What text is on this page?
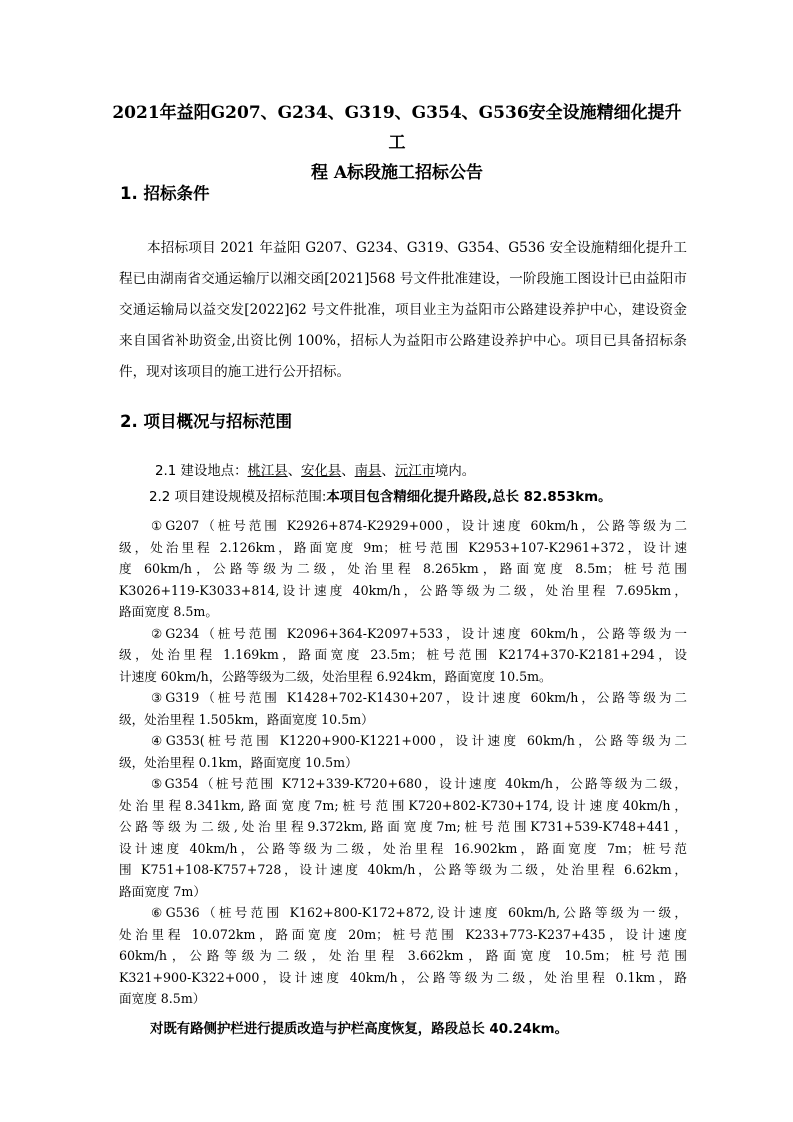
2021年益阳G207、G234、G319、G354、G536安全设施精细化提升工
程 A标段施工招标公告
1. 招标条件
本招标项目 2021 年益阳 G207、G234、G319、G354、G536 安全设施精细化提升工程已由湖南省交通运输厅以湘交函[2021]568 号文件批准建设，一阶段施工图设计已由益阳市交通运输局以益交发[2022]62 号文件批准，项目业主为益阳市公路建设养护中心，建设资金来自国省补助资金,出资比例 100%，招标人为益阳市公路建设养护中心。项目已具备招标条件，现对该项目的施工进行公开招标。
2. 项目概况与招标范围
2.1 建设地点：桃江县、安化县、南县、沅江市境内。
2.2 项目建设规模及招标范围:本项目包含精细化提升路段,总长 82.853km。
①G207（桩号范围 K2926+874-K2929+000，设计速度 60km/h，公路等级为二
级，处治里程 2.126km，路面宽度 9m；桩号范围 K2953+107-K2961+372，设计速
度 60km/h，公路等级为二级，处治里程 8.265km，路面宽度 8.5m；桩号范围
K3026+119-K3033+814,设计速度 40km/h，公路等级为二级，处治里程 7.695km，
路面宽度 8.5m。
②G234（桩号范围 K2096+364-K2097+533，设计速度 60km/h，公路等级为一
级，处治里程 1.169km，路面宽度 23.5m；桩号范围 K2174+370-K2181+294，设
计速度 60km/h，公路等级为二级，处治里程 6.924km，路面宽度 10.5m。
③G319（桩号范围 K1428+702-K1430+207，设计速度 60km/h，公路等级为二
级，处治里程 1.505km，路面宽度 10.5m）
④G353(桩号范围 K1220+900-K1221+000，设计速度 60km/h，公路等级为二
级，处治里程 0.1km，路面宽度 10.5m）
⑤G354（桩号范围 K712+339-K720+680，设计速度 40km/h，公路等级为二级，
处治里程8.341km,路面宽度7m;桩号范围K720+802-K730+174,设计速度40km/h，
公路等级为二级,处治里程9.372km,路面宽度7m;桩号范围K731+539-K748+441，
设计速度 40km/h，公路等级为二级，处治里程 16.902km，路面宽度 7m；桩号范
围 K751+108-K757+728，设计速度 40km/h，公路等级为二级，处治里程 6.62km，
路面宽度 7m）
⑥G536（桩号范围 K162+800-K172+872,设计速度 60km/h,公路等级为一级，
处治里程 10.072km，路面宽度 20m；桩号范围 K233+773-K237+435，设计速度
60km/h，公路等级为二级，处治里程 3.662km，路面宽度 10.5m；桩号范围
K321+900-K322+000，设计速度 40km/h，公路等级为二级，处治里程 0.1km，路
面宽度 8.5m）
对既有路侧护栏进行提质改造与护栏高度恢复，路段总长 40.24km。
